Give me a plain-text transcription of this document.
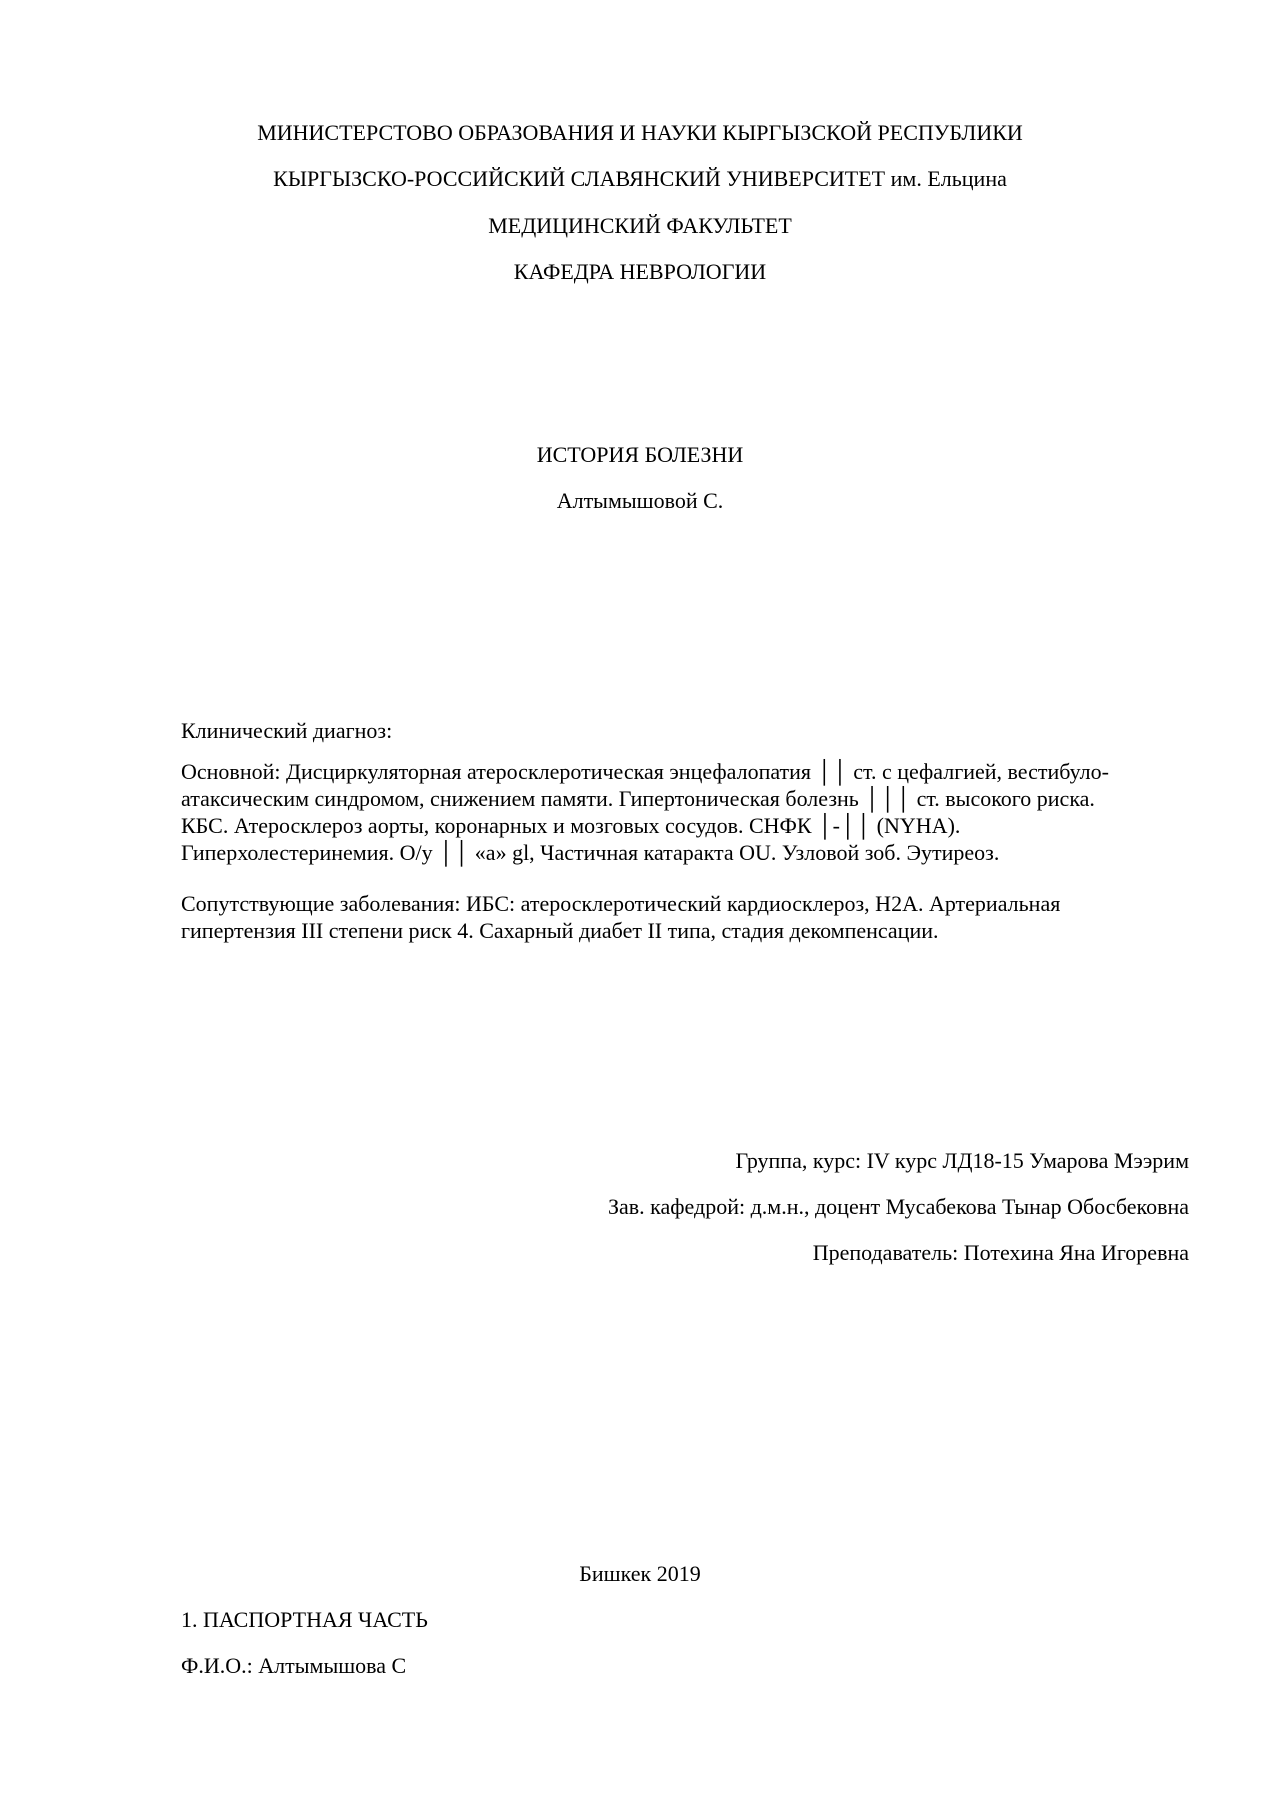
МИНИСТЕРСТОВО ОБРАЗОВАНИЯ И НАУКИ КЫРГЫЗСКОЙ РЕСПУБЛИКИ
КЫРГЫЗСКО-РОССИЙСКИЙ СЛАВЯНСКИЙ УНИВЕРСИТЕТ им. Ельцина
МЕДИЦИНСКИЙ ФАКУЛЬТЕТ
КАФЕДРА НЕВРОЛОГИИ
ИСТОРИЯ БОЛЕЗНИ
Алтымышовой С.
Клинический диагноз:
Основной: Дисциркуляторная атеросклеротическая энцефалопатия ││ ст. с цефалгией, вестибуло-
атаксическим синдромом, снижением памяти. Гипертоническая болезнь │││ ст. высокого риска.
КБС. Атеросклероз аорты, коронарных и мозговых сосудов. СНФК │-││ (NYHA).
Гиперхолестеринемия. O/y ││ «a» gl, Частичная катаракта OU. Узловой зоб. Эутиреоз.
Сопутствующие заболевания: ИБС: атеросклеротический кардиосклероз, Н2А. Артериальная
гипертензия III степени риск 4. Сахарный диабет II типа, стадия декомпенсации.
Группа, курс: IV курс ЛД18-15 Умарова Мээрим
Зав. кафедрой: д.м.н., доцент Мусабекова Тынар Обосбековна
Преподаватель: Потехина Яна Игоревна
Бишкек 2019
1. ПАСПОРТНАЯ ЧАСТЬ
Ф.И.О.: Алтымышова С
